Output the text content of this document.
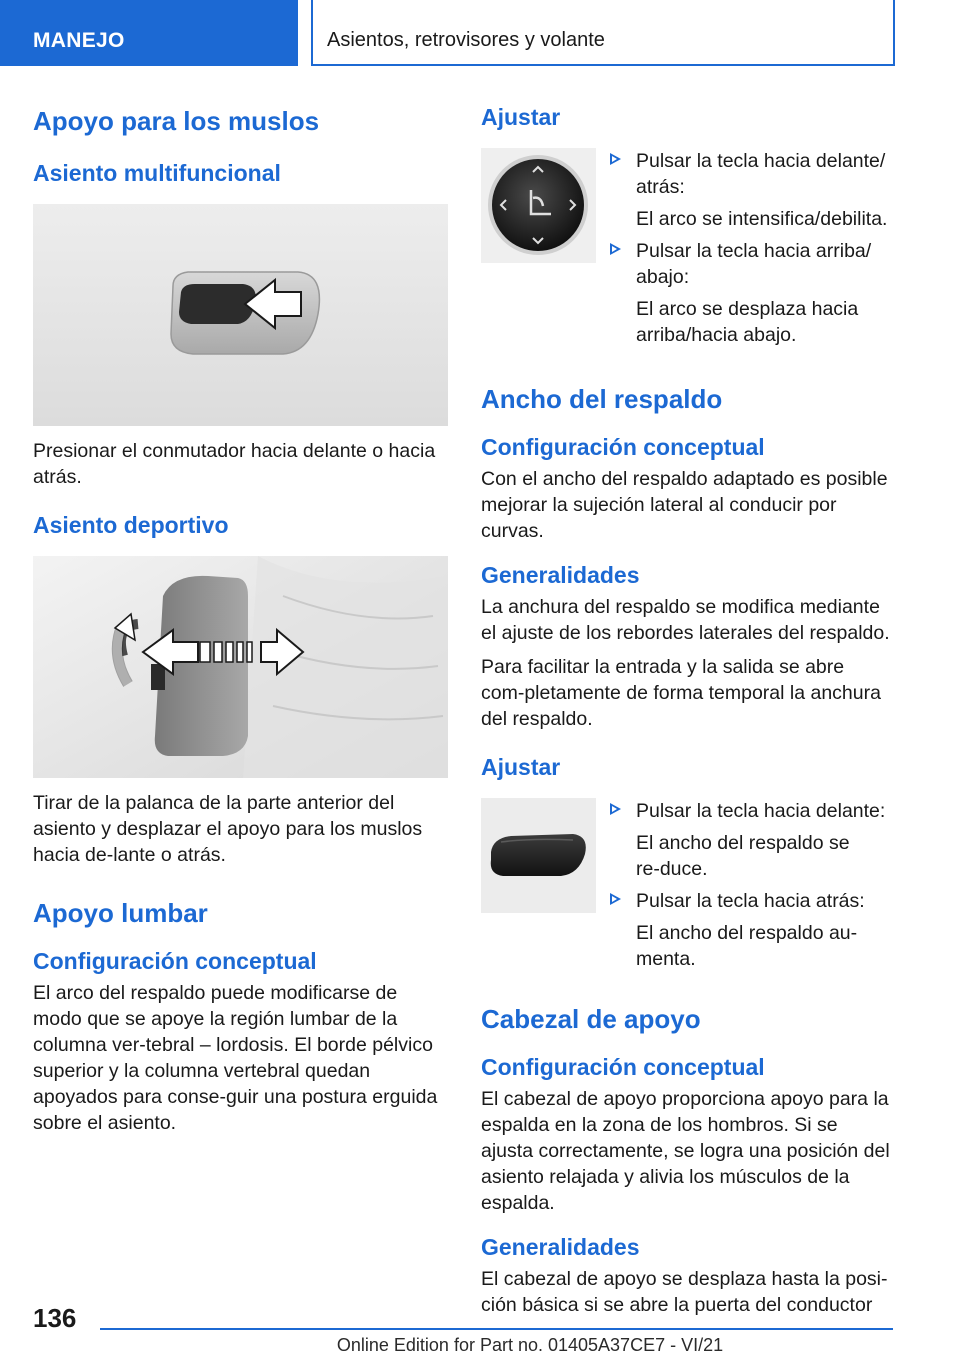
MANEJO	Asientos, retrovisores y volante
Apoyo para los muslos
Asiento multifuncional

Presionar el conmutador hacia delante o hacia atrás.

Asiento deportivo

Tirar de la palanca de la parte anterior del asiento y desplazar el apoyo para los muslos hacia de-lante o atrás.

Apoyo lumbar
Configuración conceptual

El arco del respaldo puede modificarse de modo que se apoye la región lumbar de la columna ver-tebral – lordosis. El borde pélvico superior y la columna vertebral quedan apoyados para conse-guir una postura erguida sobre el asiento.

Ajustar

Pulsar la tecla hacia delante/ atrás:

El arco se intensifica/debilita.

Pulsar la tecla hacia arriba/ abajo:

El arco se desplaza hacia arriba/hacia abajo.

Ancho del respaldo
Configuración conceptual

Con el ancho del respaldo adaptado es posible mejorar la sujeción lateral al conducir por curvas.

Generalidades

La anchura del respaldo se modifica mediante el ajuste de los rebordes laterales del respaldo.

Para facilitar la entrada y la salida se abre com-pletamente de forma temporal la anchura del respaldo.

Ajustar

Pulsar la tecla hacia delante:

El ancho del respaldo se re-duce.

Pulsar la tecla hacia atrás:

El ancho del respaldo au-menta.

Cabezal de apoyo
Configuración conceptual

El cabezal de apoyo proporciona apoyo para la espalda en la zona de los hombros. Si se ajusta correctamente, se logra una posición del asiento relajada y alivia los músculos de la espalda.

Generalidades

El cabezal de apoyo se desplaza hasta la posi-ción básica si se abre la puerta del conductor

136
Online Edition for Part no. 01405A37CE7 - VI/21
